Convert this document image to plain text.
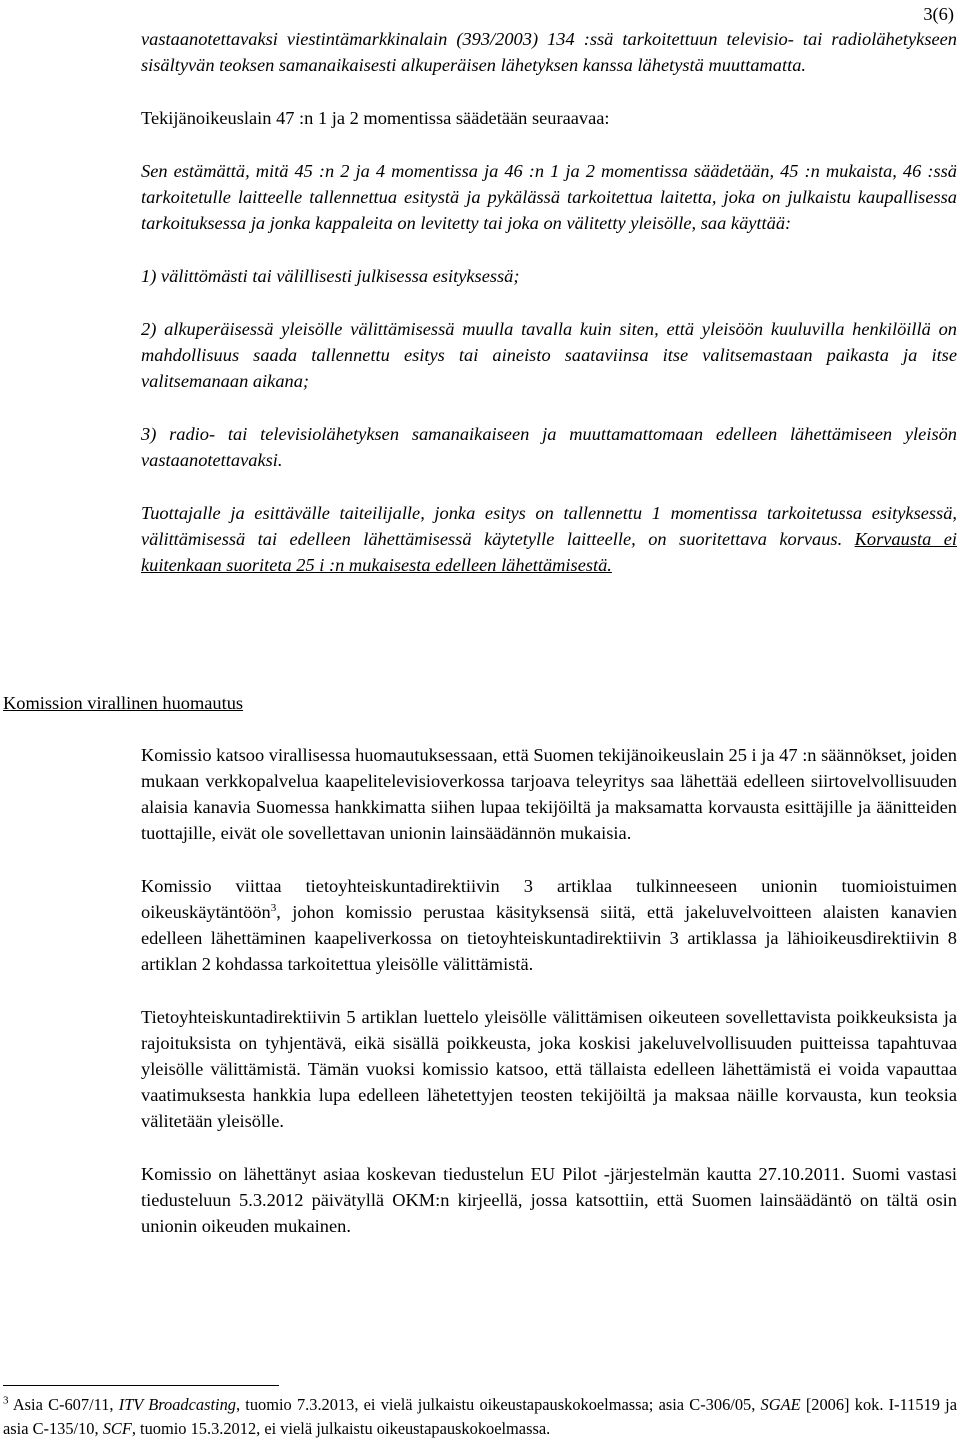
3(6)

vastaanotettavaksi viestintämarkkinalain (393/2003) 134 :ssä tarkoitettuun televisio- tai radiolähetykseen sisältyvän teoksen samanaikaisesti alkuperäisen lähetyksen kanssa lähetystä muuttamatta.

Tekijänoikeuslain 47 :n 1 ja 2 momentissa säädetään seuraavaa:

Sen estämättä, mitä 45 :n 2 ja 4 momentissa ja 46 :n 1 ja 2 momentissa säädetään, 45 :n mukaista, 46 :ssä tarkoitetulle laitteelle tallennettua esitystä ja pykälässä tarkoitettua laitetta, joka on julkaistu kaupallisessa tarkoituksessa ja jonka kappaleita on levitetty tai joka on välitetty yleisölle, saa käyttää:

1) välittömästi tai välillisesti julkisessa esityksessä;

2) alkuperäisessä yleisölle välittämisessä muulla tavalla kuin siten, että yleisöön kuuluvilla henkilöillä on mahdollisuus saada tallennettu esitys tai aineisto saataviinsa itse valitsemastaan paikasta ja itse valitsemanaan aikana;

3) radio- tai televisiolähetyksen samanaikaiseen ja muuttamattomaan edelleen lähettämiseen yleisön vastaanotettavaksi.

Tuottajalle ja esittävälle taiteilijalle, jonka esitys on tallennettu 1 momentissa tarkoitetussa esityksessä, välittämisessä tai edelleen lähettämisessä käytetylle laitteelle, on suoritettava korvaus. Korvausta ei kuitenkaan suoriteta 25 i :n mukaisesta edelleen lähettämisestä.

Komission virallinen huomautus

Komissio katsoo virallisessa huomautuksessaan, että Suomen tekijänoikeuslain 25 i ja 47 :n säännökset, joiden mukaan verkkopalvelua kaapelitelevisioverkossa tarjoava teleyritys saa lähettää edelleen siirtovelvollisuuden alaisia kanavia Suomessa hankkimatta siihen lupaa tekijöiltä ja maksamatta korvausta esittäjille ja äänitteiden tuottajille, eivät ole sovellettavan unionin lainsäädännön mukaisia.

Komissio viittaa tietoyhteiskuntadirektiivin 3 artiklaa tulkinneeseen unionin tuomioistuimen oikeuskäytäntöön$^3$, johon komissio perustaa käsityksensä siitä, että jakeluvelvoitteen alaisten kanavien edelleen lähettäminen kaapeliverkossa on tietoyhteiskuntadirektiivin 3 artiklassa ja lähioikeusdirektiivin 8 artiklan 2 kohdassa tarkoitettua yleisölle välittämistä.

Tietoyhteiskuntadirektiivin 5 artiklan luettelo yleisölle välittämisen oikeuteen sovellettavista poikkeuksista ja rajoituksista on tyhjentävä, eikä sisällä poikkeusta, joka koskisi jakeluvelvollisuuden puitteissa tapahtuvaa yleisölle välittämistä. Tämän vuoksi komissio katsoo, että tällaista edelleen lähettämistä ei voida vapauttaa vaatimuksesta hankkia lupa edelleen lähetettyjen teosten tekijöiltä ja maksaa näille korvausta, kun teoksia välitetään yleisölle.

Komissio on lähettänyt asiaa koskevan tiedustelun EU Pilot -järjestelmän kautta 27.10.2011. Suomi vastasi tiedusteluun 5.3.2012 päivätyllä OKM:n kirjeellä, jossa katsottiin, että Suomen lainsäädäntö on tältä osin unionin oikeuden mukainen.

$^3$ Asia C-607/11, ITV Broadcasting, tuomio 7.3.2013, ei vielä julkaistu oikeustapauskokoelmassa; asia C-306/05, SGAE [2006] kok. I-11519 ja asia C-135/10, SCF, tuomio 15.3.2012, ei vielä julkaistu oikeustapauskokoelmassa.
